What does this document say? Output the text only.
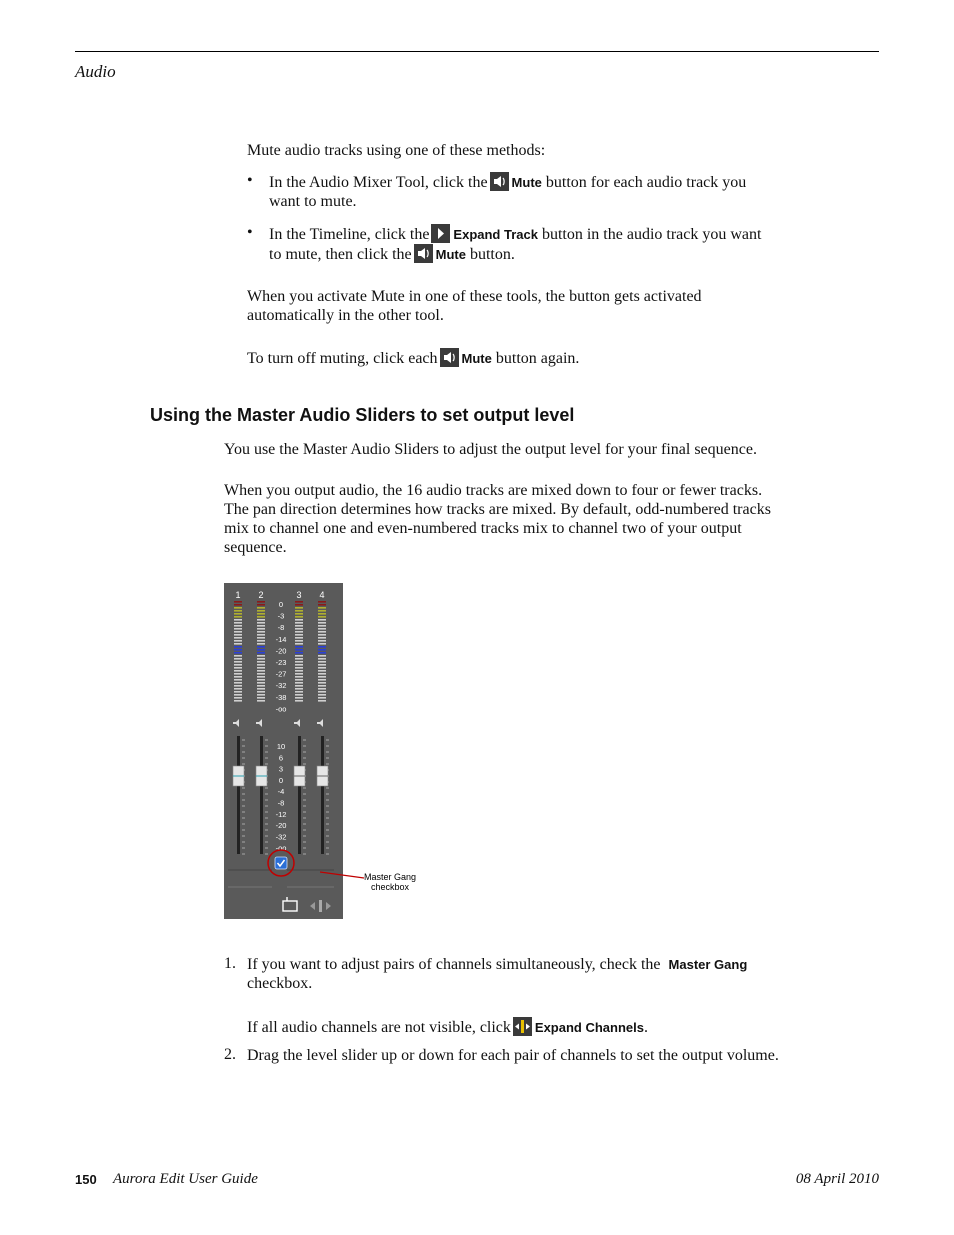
Audio
Mute audio tracks using one of these methods:
• In the Audio Mixer Tool, click the Mute button for each audio track you
want to mute.
• In the Timeline, click the Expand Track button in the audio track you want
to mute, then click the Mute button.
When you activate Mute in one of these tools, the button gets activated
automatically in the other tool.
To turn off muting, click each Mute button again.
Using the Master Audio Sliders to set output level
You use the Master Audio Sliders to adjust the output level for your final sequence.
When you output audio, the 16 audio tracks are mixed down to four or fewer tracks.
The pan direction determines how tracks are mixed. By default, odd-numbered tracks
mix to channel one and even-numbered tracks mix to channel two of your output
sequence.
1 2	3 4
0
-3
-8
-14
-20
-23
-27
-32
-38
-oo
10
6
3
0
-4
-8
-12
-20
-32
-oo
Master Gang
checkbox
1. If you want to adjust pairs of channels simultaneously, check the Master Gang
checkbox.
If all audio channels are not visible, click Expand Channels.
2. Drag the level slider up or down for each pair of channels to set the output volume.
150 Aurora Edit User Guide	08 April 2010
